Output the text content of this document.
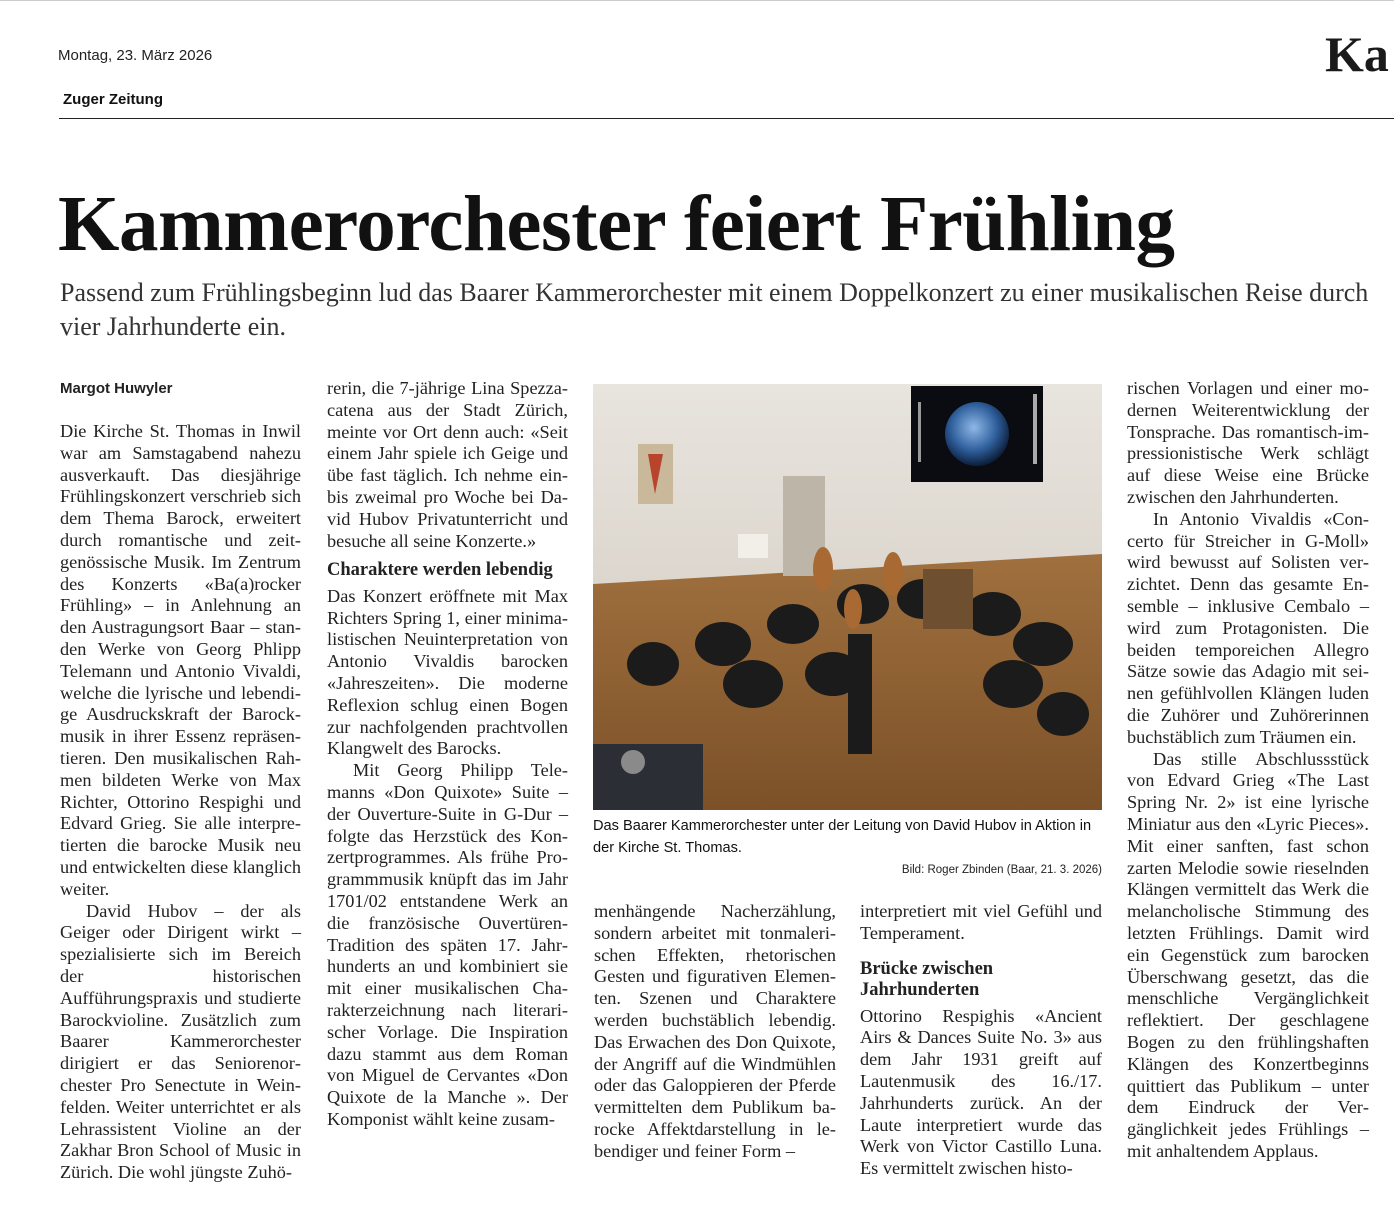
Montag, 23. März 2026
Zuger Zeitung
Ka
Kammerorchester feiert Frühling
Passend zum Frühlingsbeginn lud das Baarer Kammerorchester mit einem Doppelkonzert zu einer musikalischen Reise durch vier Jahrhunderte ein.
Margot Huwyler

Die Kirche St. Thomas in Inwil war am Samstagabend nahezu ausverkauft. Das diesjährige Frühlingskonzert verschrieb sich dem Thema Barock, erweitert durch romantische und zeitgenössische Musik. Im Zentrum des Konzerts «Ba(a)rocker Frühling» – in Anlehnung an den Austragungsort Baar – standen Werke von Georg Phlipp Telemann und Antonio Vivaldi, welche die lyrische und lebendige Ausdruckskraft der Barockmusik in ihrer Essenz repräsentieren. Den musikalischen Rahmen bildeten Werke von Max Richter, Ottorino Respighi und Edvard Grieg. Sie alle interpretierten die barocke Musik neu und entwickelten diese klanglich weiter.

David Hubov – der als Geiger oder Dirigent wirkt – spezialisierte sich im Bereich der historischen Aufführungspraxis und studierte Barockvioline. Zusätzlich zum Baarer Kammerorchester dirigiert er das Seniorenorchester Pro Senectute in Weinfelden. Weiter unterrichtet er als Lehrassistent Violine an der Zakhar Bron School of Music in Zürich. Die wohl jüngste Zuhö-

rerin, die 7-jährige Lina Spezzacatena aus der Stadt Zürich, meinte vor Ort denn auch: «Seit einem Jahr spiele ich Geige und übe fast täglich. Ich nehme einbis zweimal pro Woche bei David Hubov Privatunterricht und besuche all seine Konzerte.»

Charaktere werden lebendig

Das Konzert eröffnete mit Max Richters Spring 1, einer minimalistischen Neuinterpretation von Antonio Vivaldis barocken «Jahreszeiten». Die moderne Reflexion schlug einen Bogen zur nachfolgenden prachtvollen Klangwelt des Barocks.

Mit Georg Philipp Telemanns «Don Quixote» Suite – der Ouverture-Suite in G-Dur – folgte das Herzstück des Konzertprogrammes. Als frühe Programmmusik knüpft das im Jahr 1701/02 entstandene Werk an die französische Ouvertüren-Tradition des späten 17. Jahrhunderts an und kombiniert sie mit einer musikalischen Charakterzeichnung nach literarischer Vorlage. Die Inspiration dazu stammt aus dem Roman von Miguel de Cervantes «Don Quixote de la Manche ». Der Komponist wählt keine zusam-

Das Baarer Kammerorchester unter der Leitung von David Hubov in Aktion in der Kirche St. Thomas.
Bild: Roger Zbinden (Baar, 21. 3. 2026)

menhängende Nacherzählung, sondern arbeitet mit tonmalerischen Effekten, rhetorischen Gesten und figurativen Elementen. Szenen und Charaktere werden buchstäblich lebendig. Das Erwachen des Don Quixote, der Angriff auf die Windmühlen oder das Galoppieren der Pferde vermittelten dem Publikum barocke Affektdarstellung in lebendiger und feiner Form –

interpretiert mit viel Gefühl und Temperament.

Brücke zwischen Jahrhunderten

Ottorino Respighis «Ancient Airs & Dances Suite No. 3» aus dem Jahr 1931 greift auf Lautenmusik des 16./17. Jahrhunderts zurück. An der Laute interpretiert wurde das Werk von Victor Castillo Luna. Es vermittelt zwischen histo-

rischen Vorlagen und einer modernen Weiterentwicklung der Tonsprache. Das romantisch-impressionistische Werk schlägt auf diese Weise eine Brücke zwischen den Jahrhunderten.

In Antonio Vivaldis «Concerto für Streicher in G-Moll» wird bewusst auf Solisten verzichtet. Denn das gesamte Ensemble – inklusive Cembalo – wird zum Protagonisten. Die beiden temporeichen Allegro Sätze sowie das Adagio mit seinen gefühlvollen Klängen luden die Zuhörer und Zuhörerinnen buchstäblich zum Träumen ein.

Das stille Abschlussstück von Edvard Grieg «The Last Spring Nr. 2» ist eine lyrische Miniatur aus den «Lyric Pieces». Mit einer sanften, fast schon zarten Melodie sowie rieselnden Klängen vermittelt das Werk die melancholische Stimmung des letzten Frühlings. Damit wird ein Gegenstück zum barocken Überschwang gesetzt, das die menschliche Vergänglichkeit reflektiert. Der geschlagene Bogen zu den frühlingshaften Klängen des Konzertbeginns quittiert das Publikum – unter dem Eindruck der Vergänglichkeit jedes Frühlings – mit anhaltendem Applaus.
